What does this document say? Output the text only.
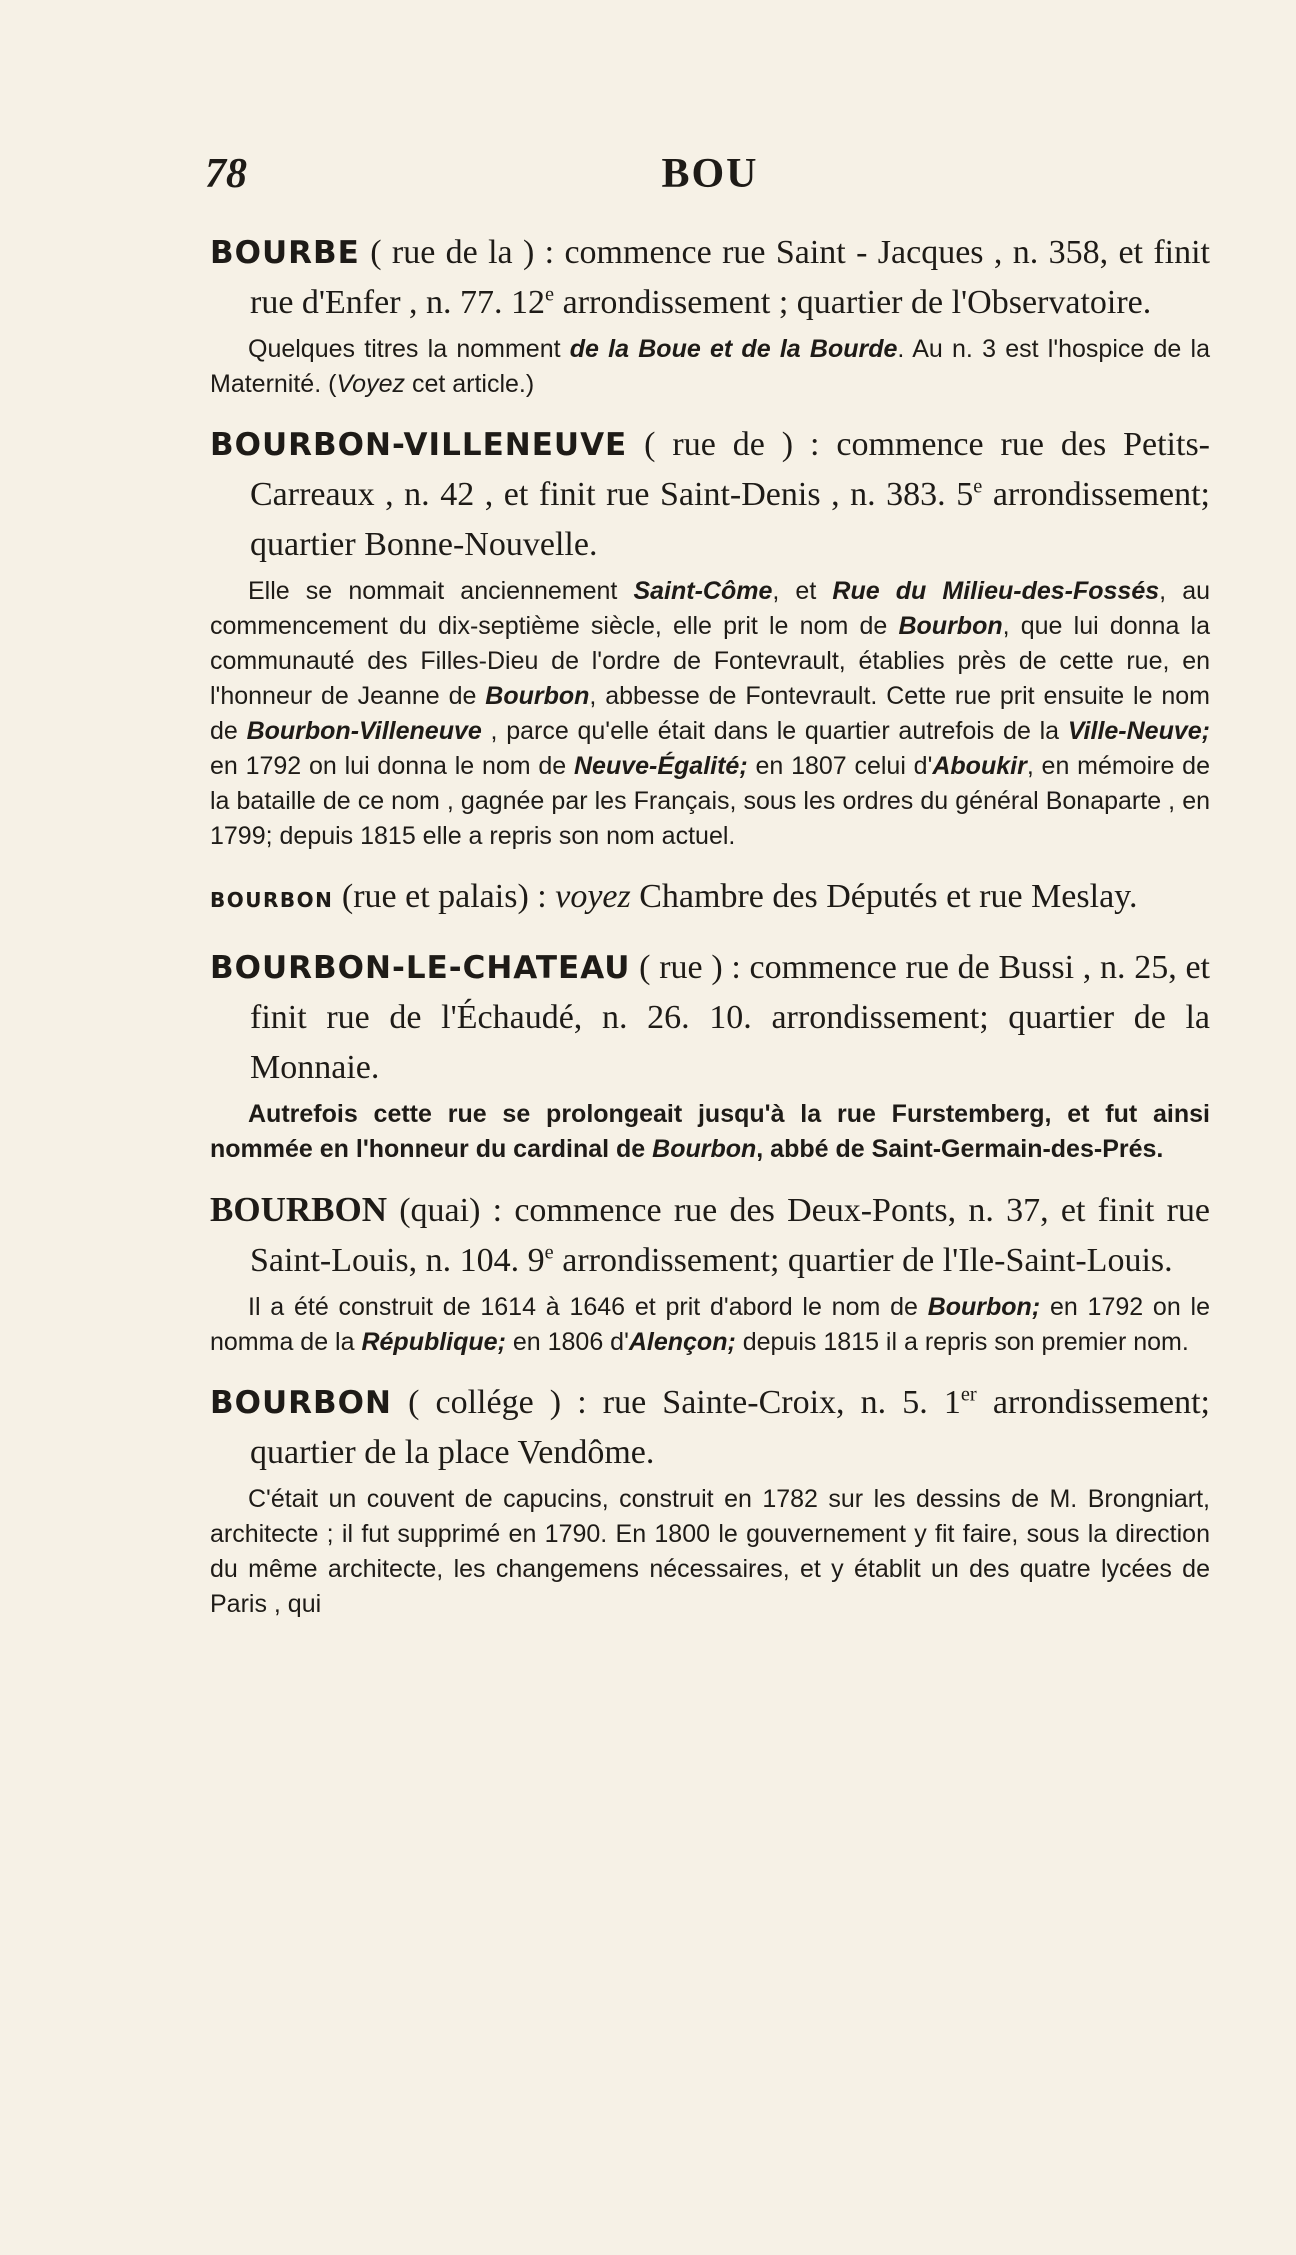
78	BOU
BOURBE ( rue de la ) : commence rue Saint - Jacques , n. 358, et finit rue d'Enfer , n. 77. 12e arrondissement ; quartier de l'Observatoire.
Quelques titres la nomment de la Boue et de la Bourde. Au n. 3 est l'hospice de la Maternité. (Voyez cet article.)
BOURBON-VILLENEUVE ( rue de ) : commence rue des Petits-Carreaux , n. 42 , et finit rue Saint-Denis , n. 383. 5e arrondissement; quartier Bonne-Nouvelle.
Elle se nommait anciennement Saint-Côme, et Rue du Milieu-des-Fossés, au commencement du dix-septième siècle, elle prit le nom de Bourbon, que lui donna la communauté des Filles-Dieu de l'ordre de Fontevrault, établies près de cette rue, en l'honneur de Jeanne de Bourbon, abbesse de Fontevrault. Cette rue prit ensuite le nom de Bourbon-Villeneuve , parce qu'elle était dans le quartier autrefois de la Ville-Neuve; en 1792 on lui donna le nom de Neuve-Égalité; en 1807 celui d'Aboukir, en mémoire de la bataille de ce nom , gagnée par les Français, sous les ordres du général Bonaparte , en 1799; depuis 1815 elle a repris son nom actuel.
BOURBON (rue et palais) : voyez Chambre des Députés et rue Meslay.
BOURBON-LE-CHATEAU ( rue ) : commence rue de Bussi , n. 25, et finit rue de l'Échaudé, n. 26. 10. arrondissement; quartier de la Monnaie.
Autrefois cette rue se prolongeait jusqu'à la rue Furstemberg, et fut ainsi nommée en l'honneur du cardinal de Bourbon, abbé de Saint-Germain-des-Prés.
BOURBON (quai) : commence rue des Deux-Ponts, n. 37, et finit rue Saint-Louis, n. 104. 9e arrondissement; quartier de l'Ile-Saint-Louis.
Il a été construit de 1614 à 1646 et prit d'abord le nom de Bourbon; en 1792 on le nomma de la République; en 1806 d'Alençon; depuis 1815 il a repris son premier nom.
BOURBON ( collége ) : rue Sainte-Croix, n. 5. 1er arrondissement; quartier de la place Vendôme.
C'était un couvent de capucins, construit en 1782 sur les dessins de M. Brongniart, architecte ; il fut supprimé en 1790. En 1800 le gouvernement y fit faire, sous la direction du même architecte, les changemens nécessaires, et y établit un des quatre lycées de Paris , qui
